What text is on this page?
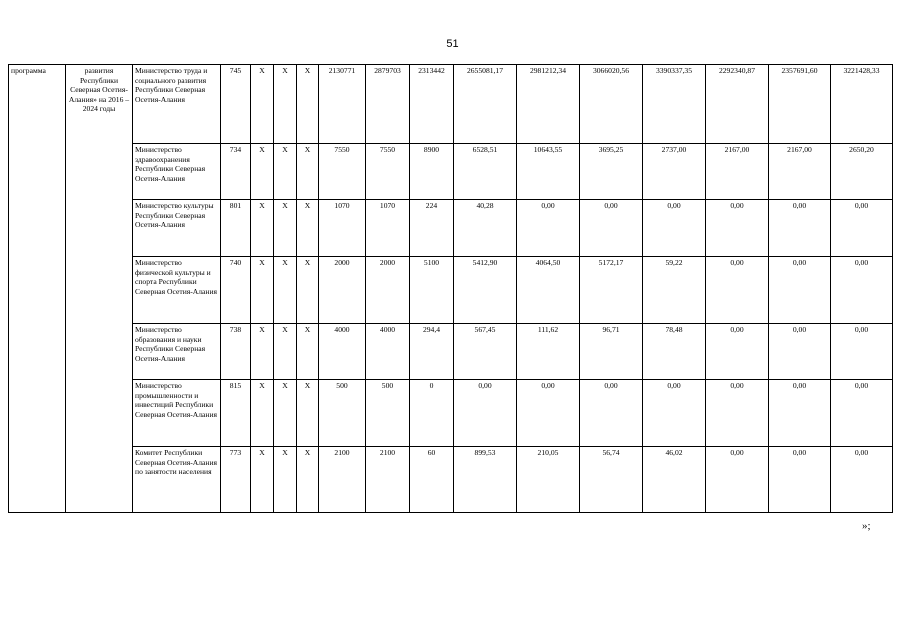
51
программа	развития Республики Северная Осетия-Алания» на 2016 – 2024 годы	Министерство труда и социального развития Республики Северная Осетия-Алания	745	X	X	X	2130771	2879703	2313442	2655081,17	2981212,34	3066020,56	3390337,35	2292340,87	2357691,60	3221428,33
		Министерство здравоохранения Республики Северная Осетия-Алания	734	X	X	X	7550	7550	8900	6528,51	10643,55	3695,25	2737,00	2167,00	2167,00	2650,20
		Министерство культуры Республики Северная Осетия-Алания	801	X	X	X	1070	1070	224	40,28	0,00	0,00	0,00	0,00	0,00	0,00
		Министерство физической культуры и спорта Республики Северная Осетия-Алания	740	X	X	X	2000	2000	5100	5412,90	4064,50	5172,17	59,22	0,00	0,00	0,00
		Министерство образования и науки Республики Северная Осетия-Алания	738	X	X	X	4000	4000	294,4	567,45	111,62	96,71	78,48	0,00	0,00	0,00
		Министерство промышленности и инвестиций Республики Северная Осетия-Алания	815	X	X	X	500	500	0	0,00	0,00	0,00	0,00	0,00	0,00	0,00
		Комитет Республики Северная Осетия-Алания по занятости населения	773	X	X	X	2100	2100	60	899,53	210,05	56,74	46,02	0,00	0,00	0,00
»;
